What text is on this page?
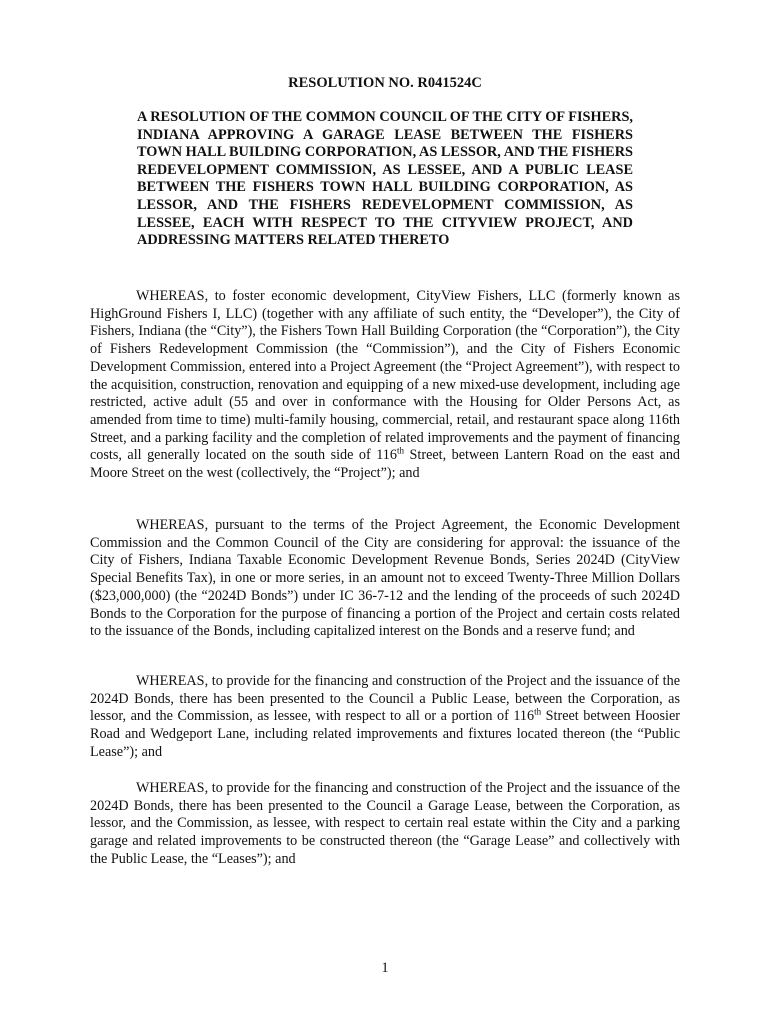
RESOLUTION NO. R041524C
A RESOLUTION OF THE COMMON COUNCIL OF THE CITY OF FISHERS, INDIANA APPROVING A GARAGE LEASE BETWEEN THE FISHERS TOWN HALL BUILDING CORPORATION, AS LESSOR, AND THE FISHERS REDEVELOPMENT COMMISSION, AS LESSEE, AND A PUBLIC LEASE BETWEEN THE FISHERS TOWN HALL BUILDING CORPORATION, AS LESSOR, AND THE FISHERS REDEVELOPMENT COMMISSION, AS LESSEE, EACH WITH RESPECT TO THE CITYVIEW PROJECT, AND ADDRESSING MATTERS RELATED THERETO

WHEREAS, to foster economic development, CityView Fishers, LLC (formerly known as HighGround Fishers I, LLC) (together with any affiliate of such entity, the “Developer”), the City of Fishers, Indiana (the “City”), the Fishers Town Hall Building Corporation (the “Corporation”), the City of Fishers Redevelopment Commission (the “Commission”), and the City of Fishers Economic Development Commission, entered into a Project Agreement (the “Project Agreement”), with respect to the acquisition, construction, renovation and equipping of a new mixed-use development, including age restricted, active adult (55 and over in conformance with the Housing for Older Persons Act, as amended from time to time) multi-family housing, commercial, retail, and restaurant space along 116th Street, and a parking facility and the completion of related improvements and the payment of financing costs, all generally located on the south side of 116th Street, between Lantern Road on the east and Moore Street on the west (collectively, the “Project”); and

WHEREAS, pursuant to the terms of the Project Agreement, the Economic Development Commission and the Common Council of the City are considering for approval: the issuance of the City of Fishers, Indiana Taxable Economic Development Revenue Bonds, Series 2024D (CityView Special Benefits Tax), in one or more series, in an amount not to exceed Twenty-Three Million Dollars ($23,000,000) (the “2024D Bonds”) under IC 36-7-12 and the lending of the proceeds of such 2024D Bonds to the Corporation for the purpose of financing a portion of the Project and certain costs related to the issuance of the Bonds, including capitalized interest on the Bonds and a reserve fund; and

WHEREAS, to provide for the financing and construction of the Project and the issuance of the 2024D Bonds, there has been presented to the Council a Public Lease, between the Corporation, as lessor, and the Commission, as lessee, with respect to all or a portion of 116th Street between Hoosier Road and Wedgeport Lane, including related improvements and fixtures located thereon (the “Public Lease”); and

WHEREAS, to provide for the financing and construction of the Project and the issuance of the 2024D Bonds, there has been presented to the Council a Garage Lease, between the Corporation, as lessor, and the Commission, as lessee, with respect to certain real estate within the City and a parking garage and related improvements to be constructed thereon (the “Garage Lease” and collectively with the Public Lease, the “Leases”); and

1
